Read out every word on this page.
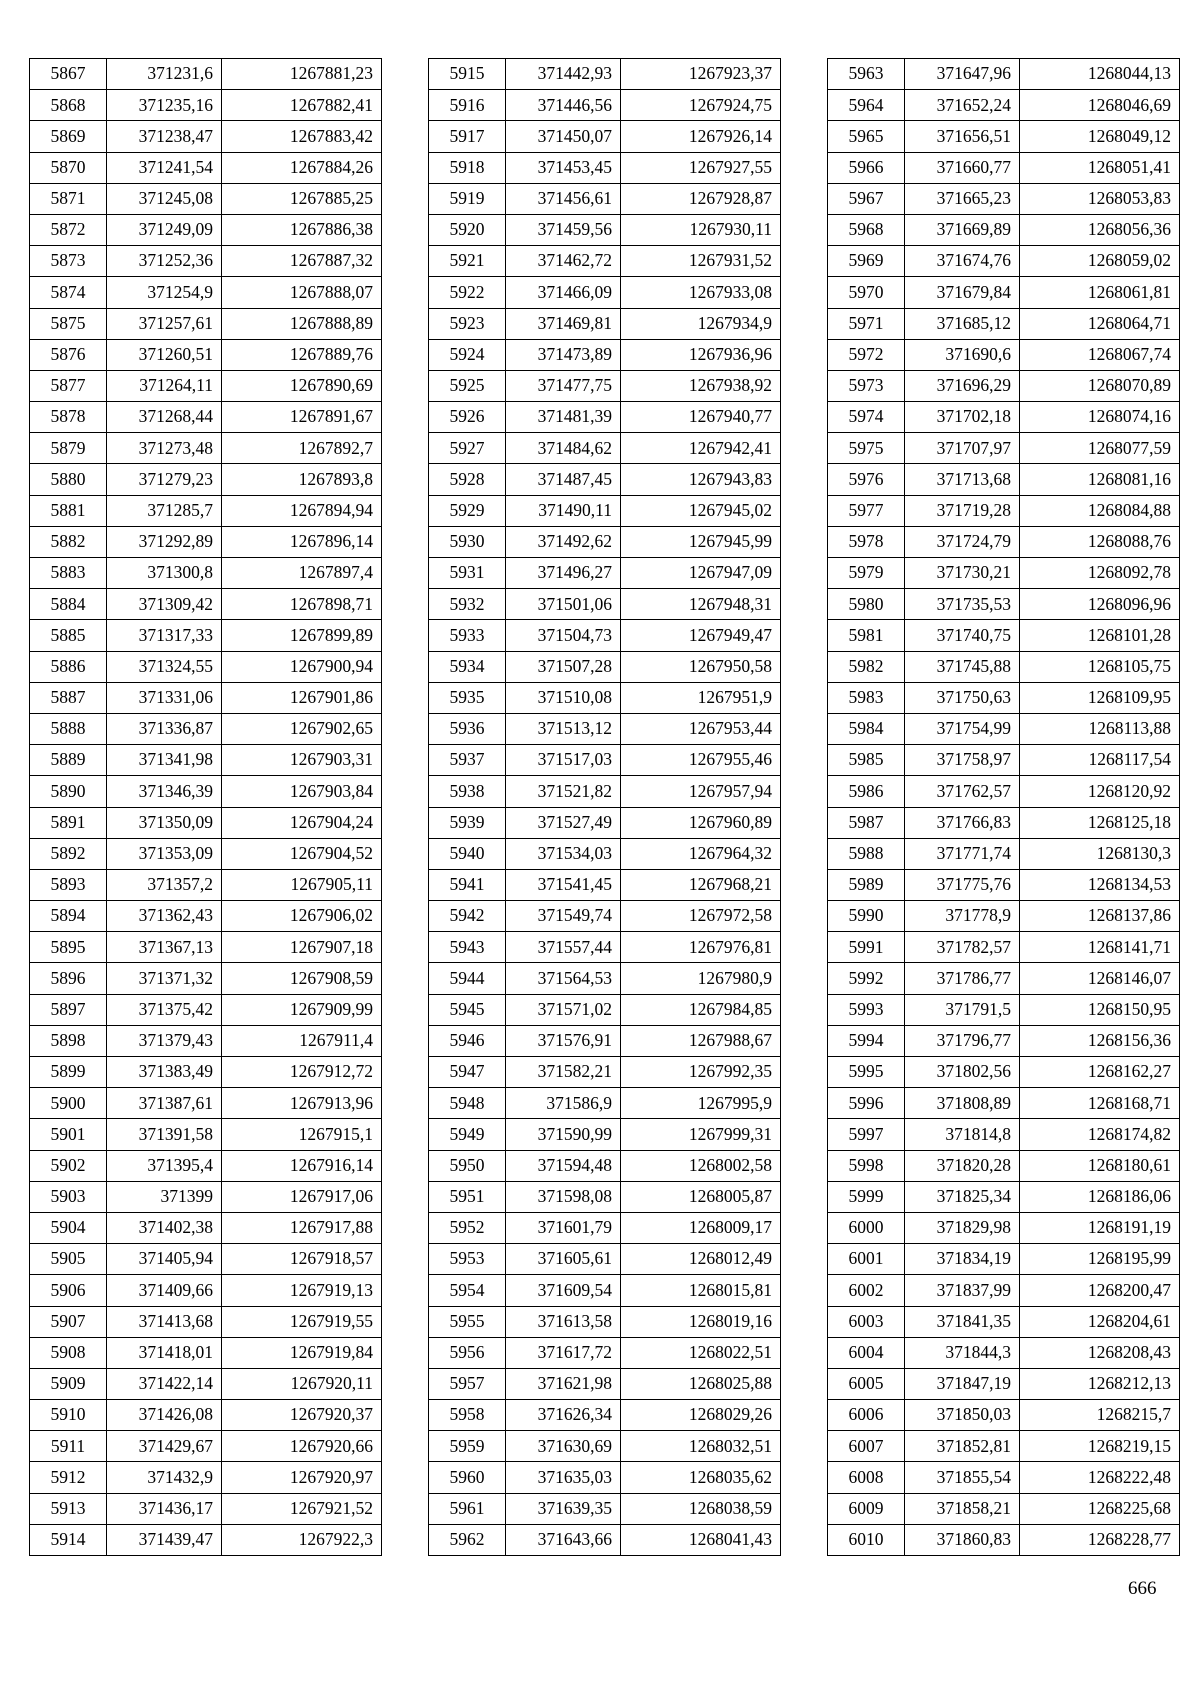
5867	371231,6	1267881,23
5868	371235,16	1267882,41
5869	371238,47	1267883,42
5870	371241,54	1267884,26
5871	371245,08	1267885,25
5872	371249,09	1267886,38
5873	371252,36	1267887,32
5874	371254,9	1267888,07
5875	371257,61	1267888,89
5876	371260,51	1267889,76
5877	371264,11	1267890,69
5878	371268,44	1267891,67
5879	371273,48	1267892,7
5880	371279,23	1267893,8
5881	371285,7	1267894,94
5882	371292,89	1267896,14
5883	371300,8	1267897,4
5884	371309,42	1267898,71
5885	371317,33	1267899,89
5886	371324,55	1267900,94
5887	371331,06	1267901,86
5888	371336,87	1267902,65
5889	371341,98	1267903,31
5890	371346,39	1267903,84
5891	371350,09	1267904,24
5892	371353,09	1267904,52
5893	371357,2	1267905,11
5894	371362,43	1267906,02
5895	371367,13	1267907,18
5896	371371,32	1267908,59
5897	371375,42	1267909,99
5898	371379,43	1267911,4
5899	371383,49	1267912,72
5900	371387,61	1267913,96
5901	371391,58	1267915,1
5902	371395,4	1267916,14
5903	371399	1267917,06
5904	371402,38	1267917,88
5905	371405,94	1267918,57
5906	371409,66	1267919,13
5907	371413,68	1267919,55
5908	371418,01	1267919,84
5909	371422,14	1267920,11
5910	371426,08	1267920,37
5911	371429,67	1267920,66
5912	371432,9	1267920,97
5913	371436,17	1267921,52
5914	371439,47	1267922,3
5915	371442,93	1267923,37
5916	371446,56	1267924,75
5917	371450,07	1267926,14
5918	371453,45	1267927,55
5919	371456,61	1267928,87
5920	371459,56	1267930,11
5921	371462,72	1267931,52
5922	371466,09	1267933,08
5923	371469,81	1267934,9
5924	371473,89	1267936,96
5925	371477,75	1267938,92
5926	371481,39	1267940,77
5927	371484,62	1267942,41
5928	371487,45	1267943,83
5929	371490,11	1267945,02
5930	371492,62	1267945,99
5931	371496,27	1267947,09
5932	371501,06	1267948,31
5933	371504,73	1267949,47
5934	371507,28	1267950,58
5935	371510,08	1267951,9
5936	371513,12	1267953,44
5937	371517,03	1267955,46
5938	371521,82	1267957,94
5939	371527,49	1267960,89
5940	371534,03	1267964,32
5941	371541,45	1267968,21
5942	371549,74	1267972,58
5943	371557,44	1267976,81
5944	371564,53	1267980,9
5945	371571,02	1267984,85
5946	371576,91	1267988,67
5947	371582,21	1267992,35
5948	371586,9	1267995,9
5949	371590,99	1267999,31
5950	371594,48	1268002,58
5951	371598,08	1268005,87
5952	371601,79	1268009,17
5953	371605,61	1268012,49
5954	371609,54	1268015,81
5955	371613,58	1268019,16
5956	371617,72	1268022,51
5957	371621,98	1268025,88
5958	371626,34	1268029,26
5959	371630,69	1268032,51
5960	371635,03	1268035,62
5961	371639,35	1268038,59
5962	371643,66	1268041,43
5963	371647,96	1268044,13
5964	371652,24	1268046,69
5965	371656,51	1268049,12
5966	371660,77	1268051,41
5967	371665,23	1268053,83
5968	371669,89	1268056,36
5969	371674,76	1268059,02
5970	371679,84	1268061,81
5971	371685,12	1268064,71
5972	371690,6	1268067,74
5973	371696,29	1268070,89
5974	371702,18	1268074,16
5975	371707,97	1268077,59
5976	371713,68	1268081,16
5977	371719,28	1268084,88
5978	371724,79	1268088,76
5979	371730,21	1268092,78
5980	371735,53	1268096,96
5981	371740,75	1268101,28
5982	371745,88	1268105,75
5983	371750,63	1268109,95
5984	371754,99	1268113,88
5985	371758,97	1268117,54
5986	371762,57	1268120,92
5987	371766,83	1268125,18
5988	371771,74	1268130,3
5989	371775,76	1268134,53
5990	371778,9	1268137,86
5991	371782,57	1268141,71
5992	371786,77	1268146,07
5993	371791,5	1268150,95
5994	371796,77	1268156,36
5995	371802,56	1268162,27
5996	371808,89	1268168,71
5997	371814,8	1268174,82
5998	371820,28	1268180,61
5999	371825,34	1268186,06
6000	371829,98	1268191,19
6001	371834,19	1268195,99
6002	371837,99	1268200,47
6003	371841,35	1268204,61
6004	371844,3	1268208,43
6005	371847,19	1268212,13
6006	371850,03	1268215,7
6007	371852,81	1268219,15
6008	371855,54	1268222,48
6009	371858,21	1268225,68
6010	371860,83	1268228,77
666
